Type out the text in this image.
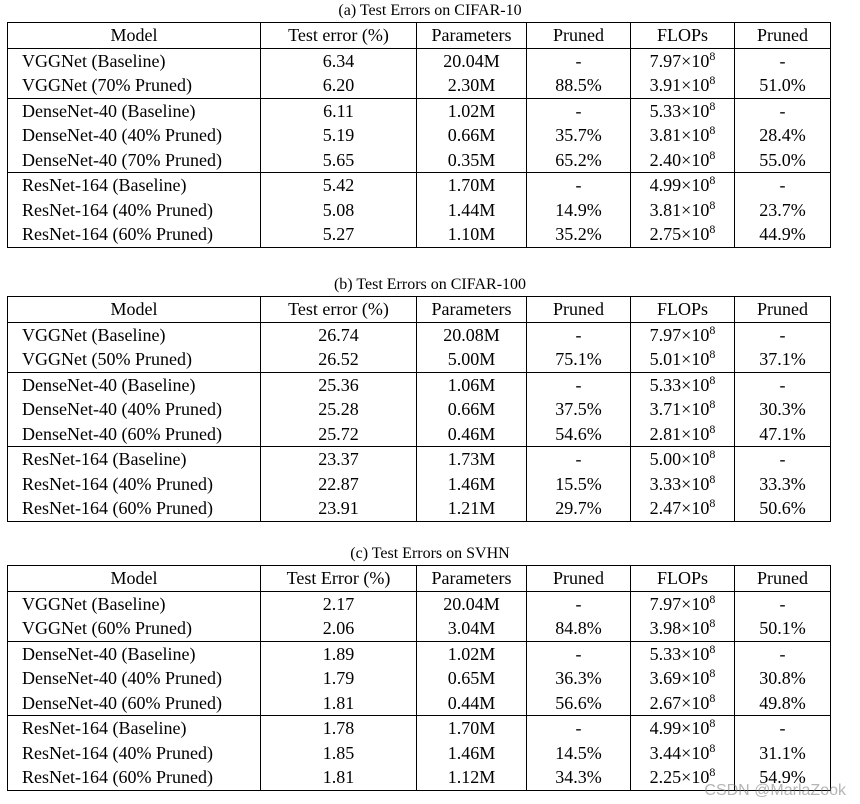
(a) Test Errors on CIFAR-10

Model	Test error (%)	Parameters	Pruned	FLOPs	Pruned
VGGNet (Baseline)	6.34	20.04M	-	$7.97\times 10^8$	-
VGGNet (70% Pruned)	6.20	2.30M	88.5%	$3.91\times 10^8$	51.0%
DenseNet-40 (Baseline)	6.11	1.02M	-	$5.33\times 10^8$	-
DenseNet-40 (40% Pruned)	5.19	0.66M	35.7%	$3.81\times 10^8$	28.4%
DenseNet-40 (70% Pruned)	5.65	0.35M	65.2%	$2.40\times 10^8$	55.0%
ResNet-164 (Baseline)	5.42	1.70M	-	$4.99\times 10^8$	-
ResNet-164 (40% Pruned)	5.08	1.44M	14.9%	$3.81\times 10^8$	23.7%
ResNet-164 (60% Pruned)	5.27	1.10M	35.2%	$2.75\times 10^8$	44.9%

(b) Test Errors on CIFAR-100

Model	Test error (%)	Parameters	Pruned	FLOPs	Pruned
VGGNet (Baseline)	26.74	20.08M	-	$7.97\times 10^8$	-
VGGNet (50% Pruned)	26.52	5.00M	75.1%	$5.01\times 10^8$	37.1%
DenseNet-40 (Baseline)	25.36	1.06M	-	$5.33\times 10^8$	-
DenseNet-40 (40% Pruned)	25.28	0.66M	37.5%	$3.71\times 10^8$	30.3%
DenseNet-40 (60% Pruned)	25.72	0.46M	54.6%	$2.81\times 10^8$	47.1%
ResNet-164 (Baseline)	23.37	1.73M	-	$5.00\times 10^8$	-
ResNet-164 (40% Pruned)	22.87	1.46M	15.5%	$3.33\times 10^8$	33.3%
ResNet-164 (60% Pruned)	23.91	1.21M	29.7%	$2.47\times 10^8$	50.6%

(c) Test Errors on SVHN

Model	Test Error (%)	Parameters	Pruned	FLOPs	Pruned
VGGNet (Baseline)	2.17	20.04M	-	$7.97\times 10^8$	-
VGGNet (60% Pruned)	2.06	3.04M	84.8%	$3.98\times 10^8$	50.1%
DenseNet-40 (Baseline)	1.89	1.02M	-	$5.33\times 10^8$	-
DenseNet-40 (40% Pruned)	1.79	0.65M	36.3%	$3.69\times 10^8$	30.8%
DenseNet-40 (60% Pruned)	1.81	0.44M	56.6%	$2.67\times 10^8$	49.8%
ResNet-164 (Baseline)	1.78	1.70M	-	$4.99\times 10^8$	-
ResNet-164 (40% Pruned)	1.85	1.46M	14.5%	$3.44\times 10^8$	31.1%
ResNet-164 (60% Pruned)	1.81	1.12M	34.3%	$2.25\times 10^8$	54.9%
CSDN @MarlaZook
